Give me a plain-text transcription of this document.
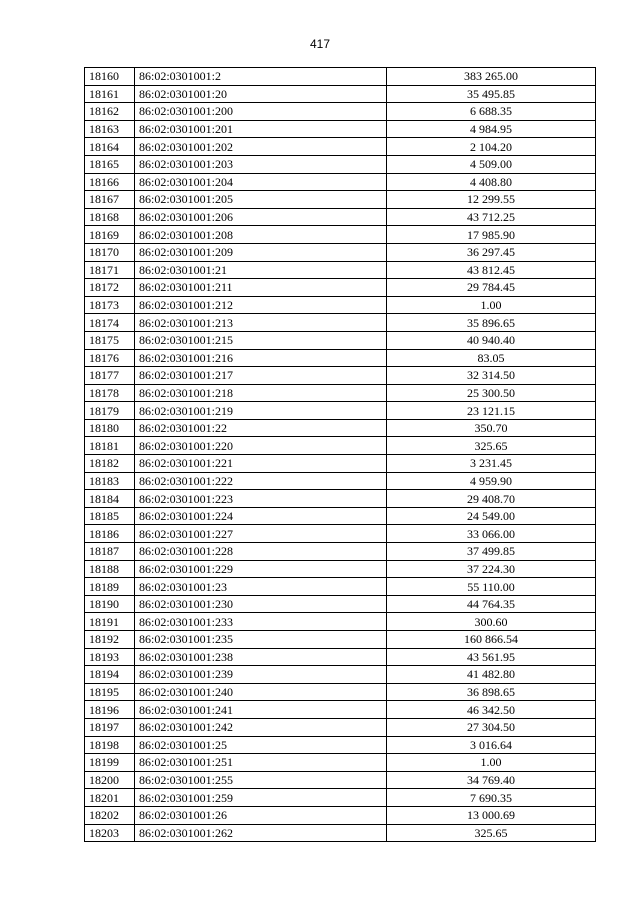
417
18160	86:02:0301001:2	383 265.00
18161	86:02:0301001:20	35 495.85
18162	86:02:0301001:200	6 688.35
18163	86:02:0301001:201	4 984.95
18164	86:02:0301001:202	2 104.20
18165	86:02:0301001:203	4 509.00
18166	86:02:0301001:204	4 408.80
18167	86:02:0301001:205	12 299.55
18168	86:02:0301001:206	43 712.25
18169	86:02:0301001:208	17 985.90
18170	86:02:0301001:209	36 297.45
18171	86:02:0301001:21	43 812.45
18172	86:02:0301001:211	29 784.45
18173	86:02:0301001:212	1.00
18174	86:02:0301001:213	35 896.65
18175	86:02:0301001:215	40 940.40
18176	86:02:0301001:216	83.05
18177	86:02:0301001:217	32 314.50
18178	86:02:0301001:218	25 300.50
18179	86:02:0301001:219	23 121.15
18180	86:02:0301001:22	350.70
18181	86:02:0301001:220	325.65
18182	86:02:0301001:221	3 231.45
18183	86:02:0301001:222	4 959.90
18184	86:02:0301001:223	29 408.70
18185	86:02:0301001:224	24 549.00
18186	86:02:0301001:227	33 066.00
18187	86:02:0301001:228	37 499.85
18188	86:02:0301001:229	37 224.30
18189	86:02:0301001:23	55 110.00
18190	86:02:0301001:230	44 764.35
18191	86:02:0301001:233	300.60
18192	86:02:0301001:235	160 866.54
18193	86:02:0301001:238	43 561.95
18194	86:02:0301001:239	41 482.80
18195	86:02:0301001:240	36 898.65
18196	86:02:0301001:241	46 342.50
18197	86:02:0301001:242	27 304.50
18198	86:02:0301001:25	3 016.64
18199	86:02:0301001:251	1.00
18200	86:02:0301001:255	34 769.40
18201	86:02:0301001:259	7 690.35
18202	86:02:0301001:26	13 000.69
18203	86:02:0301001:262	325.65
